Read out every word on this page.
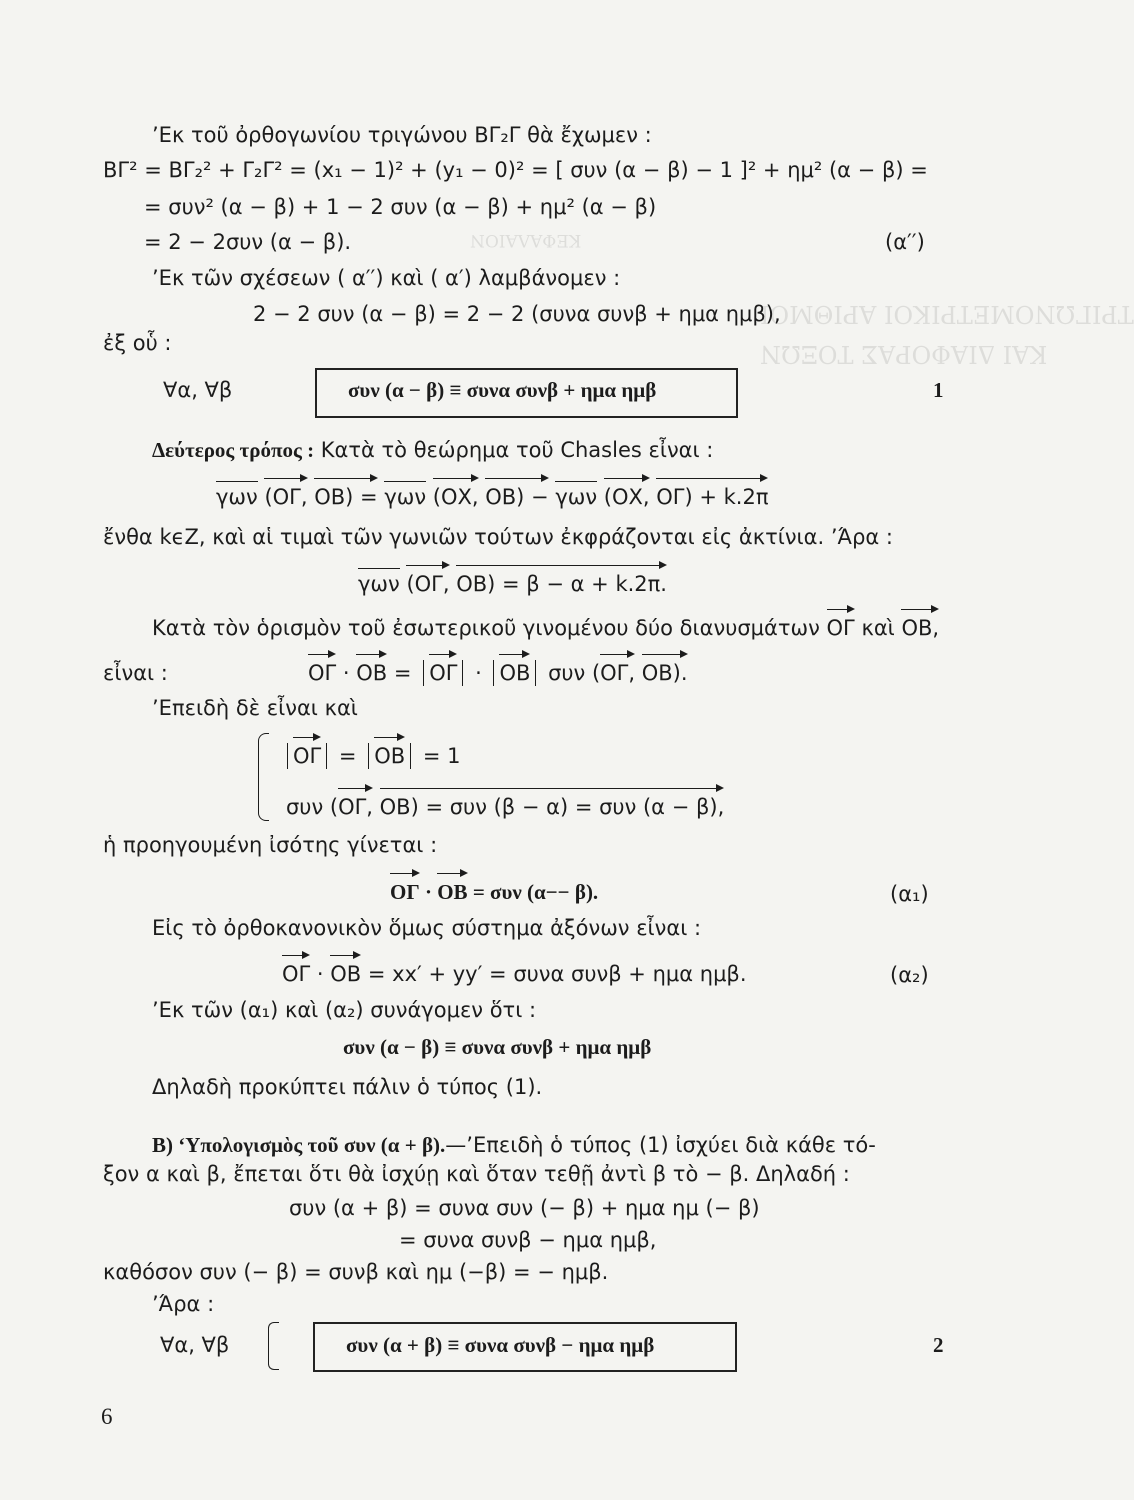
ΚΕΦΑΛΑΙΟΝ
ΤΡΙΓΩΝΟΜΕΤΡΙΚΟΙ ΑΡΙΘΜΟΙ
ΚΑΙ ΔΙΑΦΟΡΑΣ ΤΟΞΩΝ
’Εκ τοῦ ὀρθογωνίου τριγώνου ΒΓ₂Γ θὰ ἔχωμεν :
ΒΓ² = ΒΓ₂² + Γ₂Γ² = (x₁ − 1)² + (y₁ − 0)² = [ συν (α − β) − 1 ]² + ημ² (α − β) =
= συν² (α − β) + 1 − 2 συν (α − β) + ημ² (α − β)
= 2 − 2συν (α − β).	(α′′)
’Εκ τῶν σχέσεων ( α′′) καὶ ( α′) λαμβάνομεν :
2 − 2 συν (α − β) = 2 − 2 (συνα συνβ + ημα ημβ),
ἐξ οὗ :
∀α, ∀β	συν (α − β) ≡ συνα συνβ + ημα ημβ	1
Δεύτερος τρόπος : Κατὰ τὸ θεώρημα τοῦ Chasles εἶναι :
γων (ΟΓ, ΟΒ) = γων (ΟΧ, ΟΒ) − γων (ΟΧ, ΟΓ) + k.2π
ἔνθα kϵZ, καὶ αἱ τιμαὶ τῶν γωνιῶν τούτων ἐκφράζονται εἰς ἀκτίνια. ’Άρα :
γων (ΟΓ, ΟΒ) = β − α + k.2π.
Κατὰ τὸν ὁρισμὸν τοῦ ἐσωτερικοῦ γινομένου δύο διανυσμάτων ΟΓ καὶ ΟΒ,
εἶναι :	ΟΓ · ΟΒ = ΟΓ · ΟΒ συν (ΟΓ, ΟΒ).
’Επειδὴ δὲ εἶναι καὶ
ΟΓ = ΟΒ = 1
συν (ΟΓ, ΟΒ) = συν (β − α) = συν (α − β),
ἡ προηγουμένη ἰσότης γίνεται :
ΟΓ · ΟΒ = συν (α−− β).	(α₁)
Εἰς τὸ ὀρθοκανονικὸν ὅμως σύστημα ἀξόνων εἶναι :
ΟΓ · ΟΒ = xx′ + yy′ = συνα συνβ + ημα ημβ.	(α₂)
’Εκ τῶν (α₁) καὶ (α₂) συνάγομεν ὅτι :
συν (α − β) ≡ συνα συνβ + ημα ημβ
Δηλαδὴ προκύπτει πάλιν ὁ τύπος (1).
Β) ‘Υπολογισμὸς τοῦ συν (α + β).—’Επειδὴ ὁ τύπος (1) ἰσχύει διὰ κάθε τό-
ξον α καὶ β, ἔπεται ὅτι θὰ ἰσχύῃ καὶ ὅταν τεθῇ ἀντὶ β τὸ − β. Δηλαδή :
συν (α + β) = συνα συν (− β) + ημα ημ (− β)
= συνα συνβ − ημα ημβ,
καθόσον συν (− β) = συνβ καὶ ημ (−β) = − ημβ.
’Άρα :
∀α, ∀β	συν (α + β) ≡ συνα συνβ − ημα ημβ	2
6
